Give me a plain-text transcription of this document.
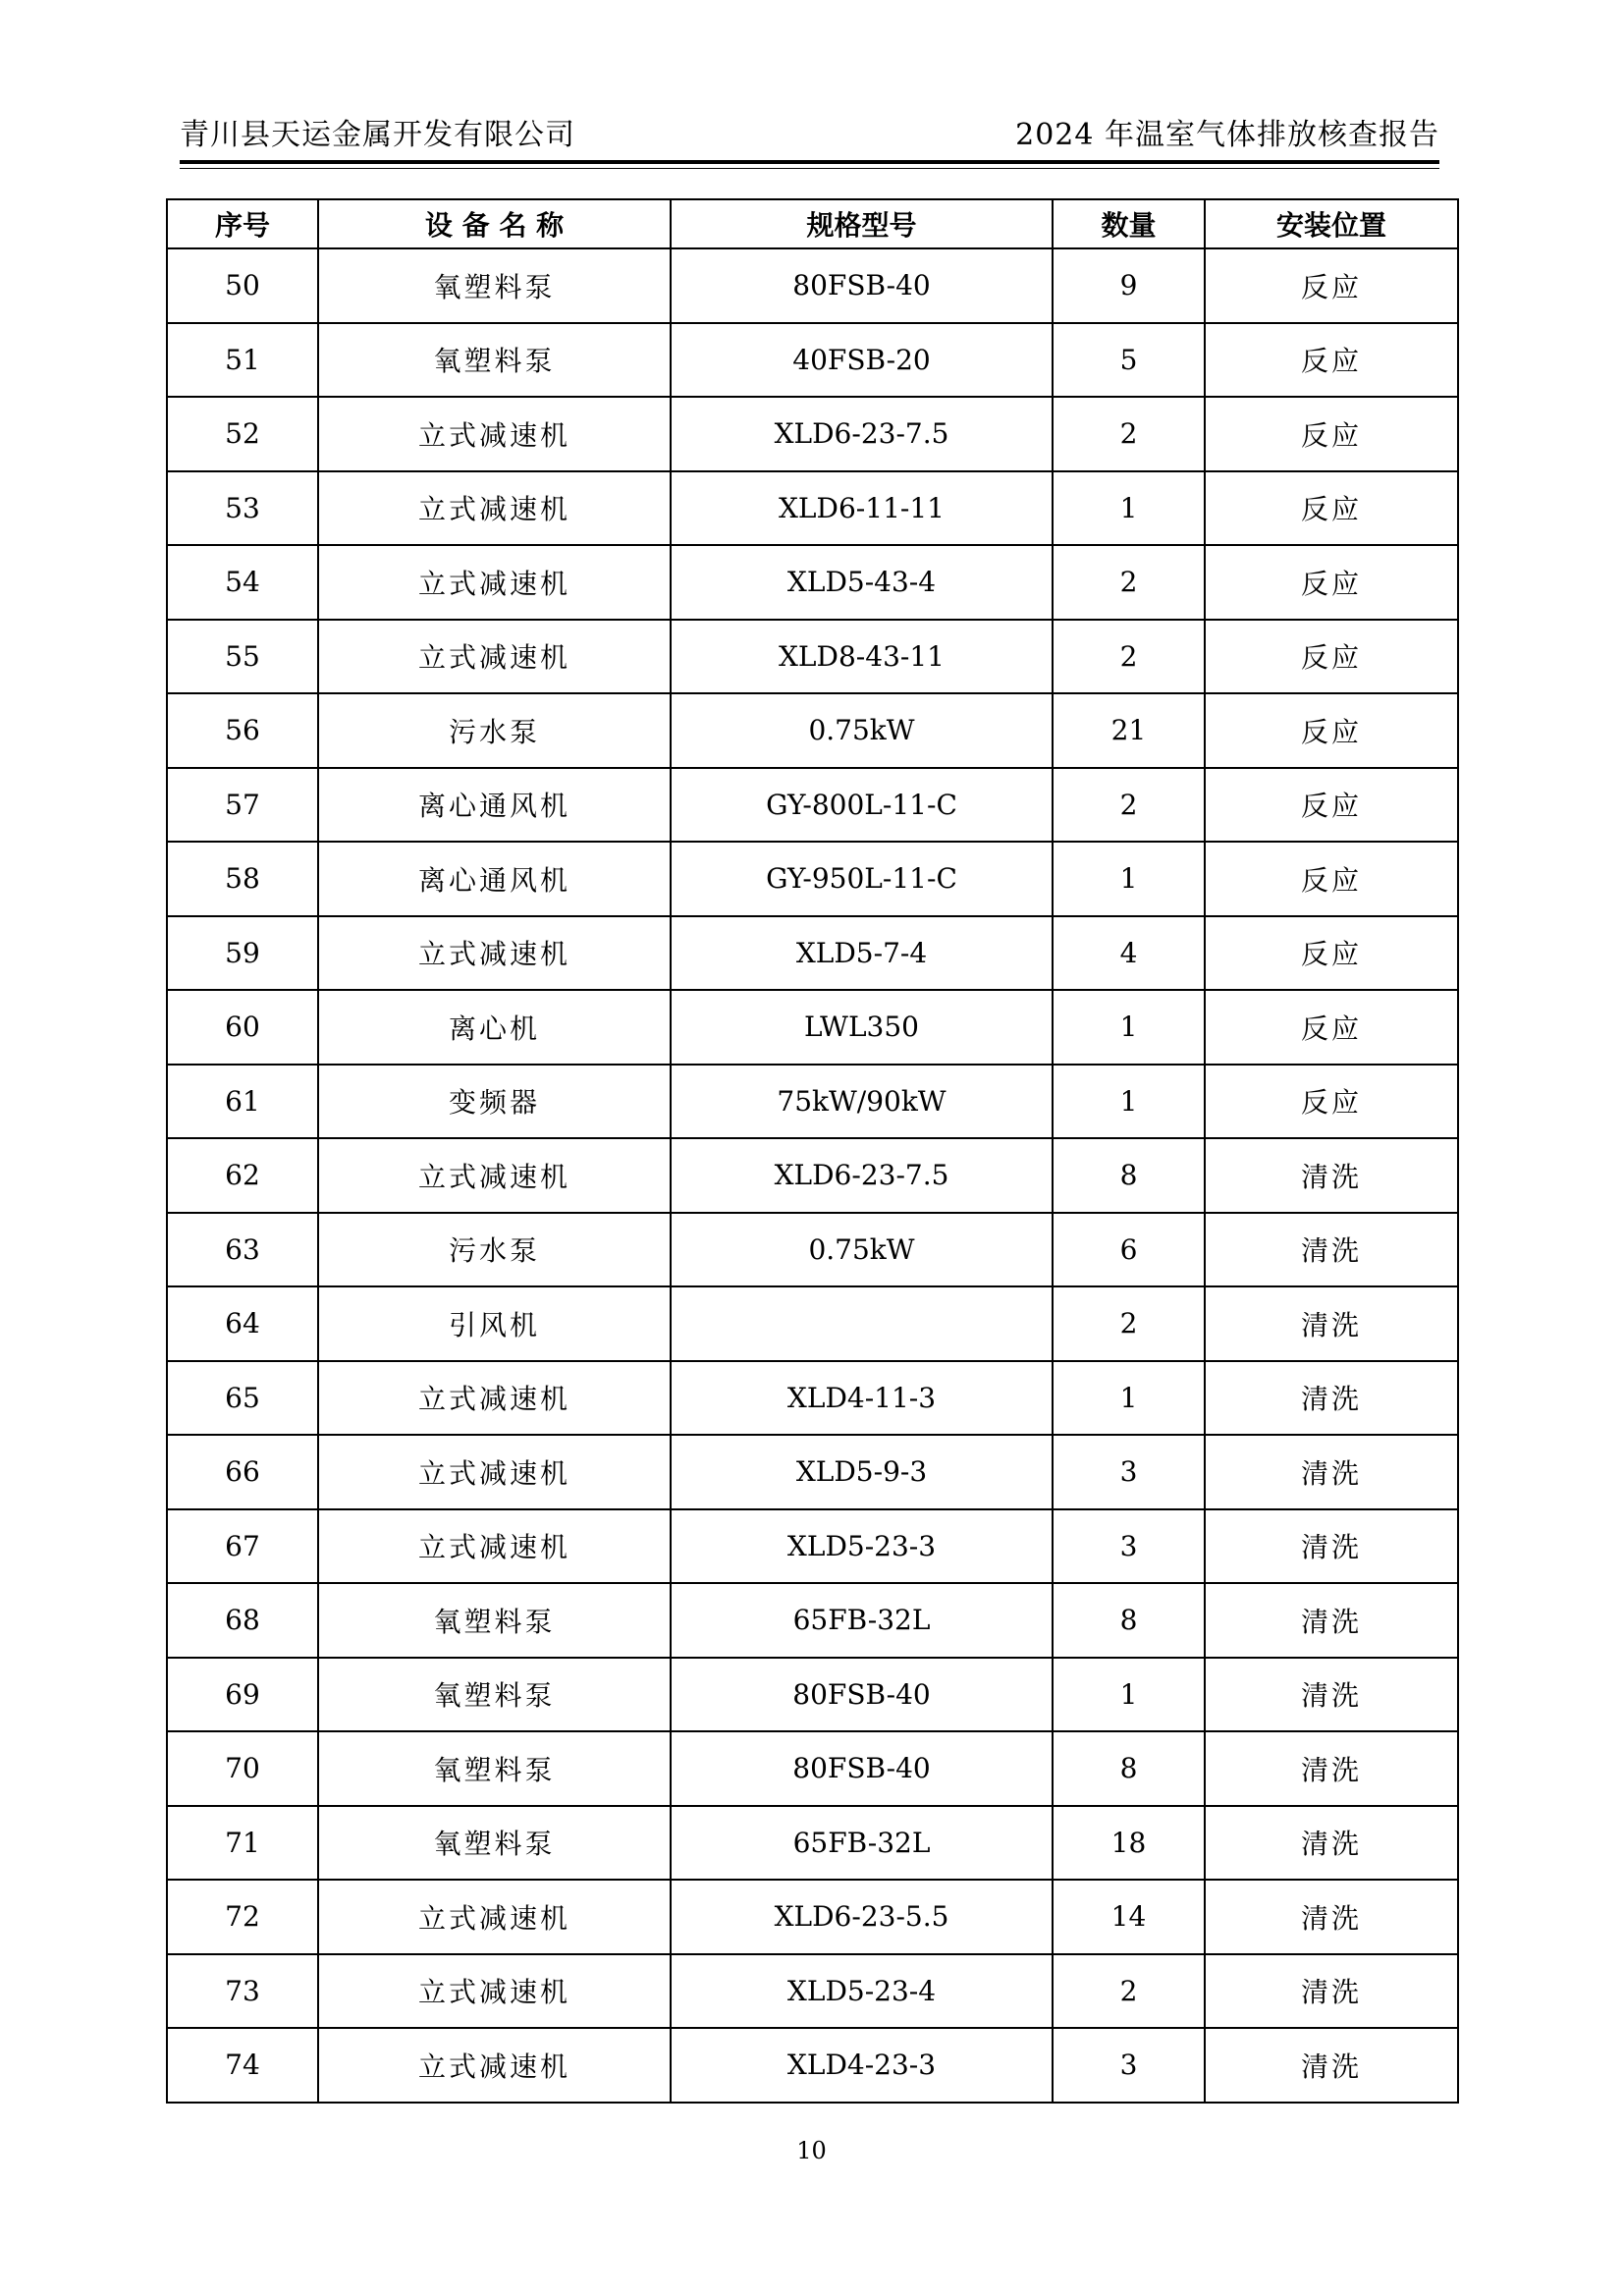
青川县天运金属开发有限公司	2024 年温室气体排放核查报告
序号	设 备 名 称	规格型号	数量	安装位置
50	氧塑料泵	80FSB-40	9	反应
51	氧塑料泵	40FSB-20	5	反应
52	立式减速机	XLD6-23-7.5	2	反应
53	立式减速机	XLD6-11-11	1	反应
54	立式减速机	XLD5-43-4	2	反应
55	立式减速机	XLD8-43-11	2	反应
56	污水泵	0.75kW	21	反应
57	离心通风机	GY-800L-11-C	2	反应
58	离心通风机	GY-950L-11-C	1	反应
59	立式减速机	XLD5-7-4	4	反应
60	离心机	LWL350	1	反应
61	变频器	75kW/90kW	1	反应
62	立式减速机	XLD6-23-7.5	8	清洗
63	污水泵	0.75kW	6	清洗
64	引风机		2	清洗
65	立式减速机	XLD4-11-3	1	清洗
66	立式减速机	XLD5-9-3	3	清洗
67	立式减速机	XLD5-23-3	3	清洗
68	氧塑料泵	65FB-32L	8	清洗
69	氧塑料泵	80FSB-40	1	清洗
70	氧塑料泵	80FSB-40	8	清洗
71	氧塑料泵	65FB-32L	18	清洗
72	立式减速机	XLD6-23-5.5	14	清洗
73	立式减速机	XLD5-23-4	2	清洗
74	立式减速机	XLD4-23-3	3	清洗
10
